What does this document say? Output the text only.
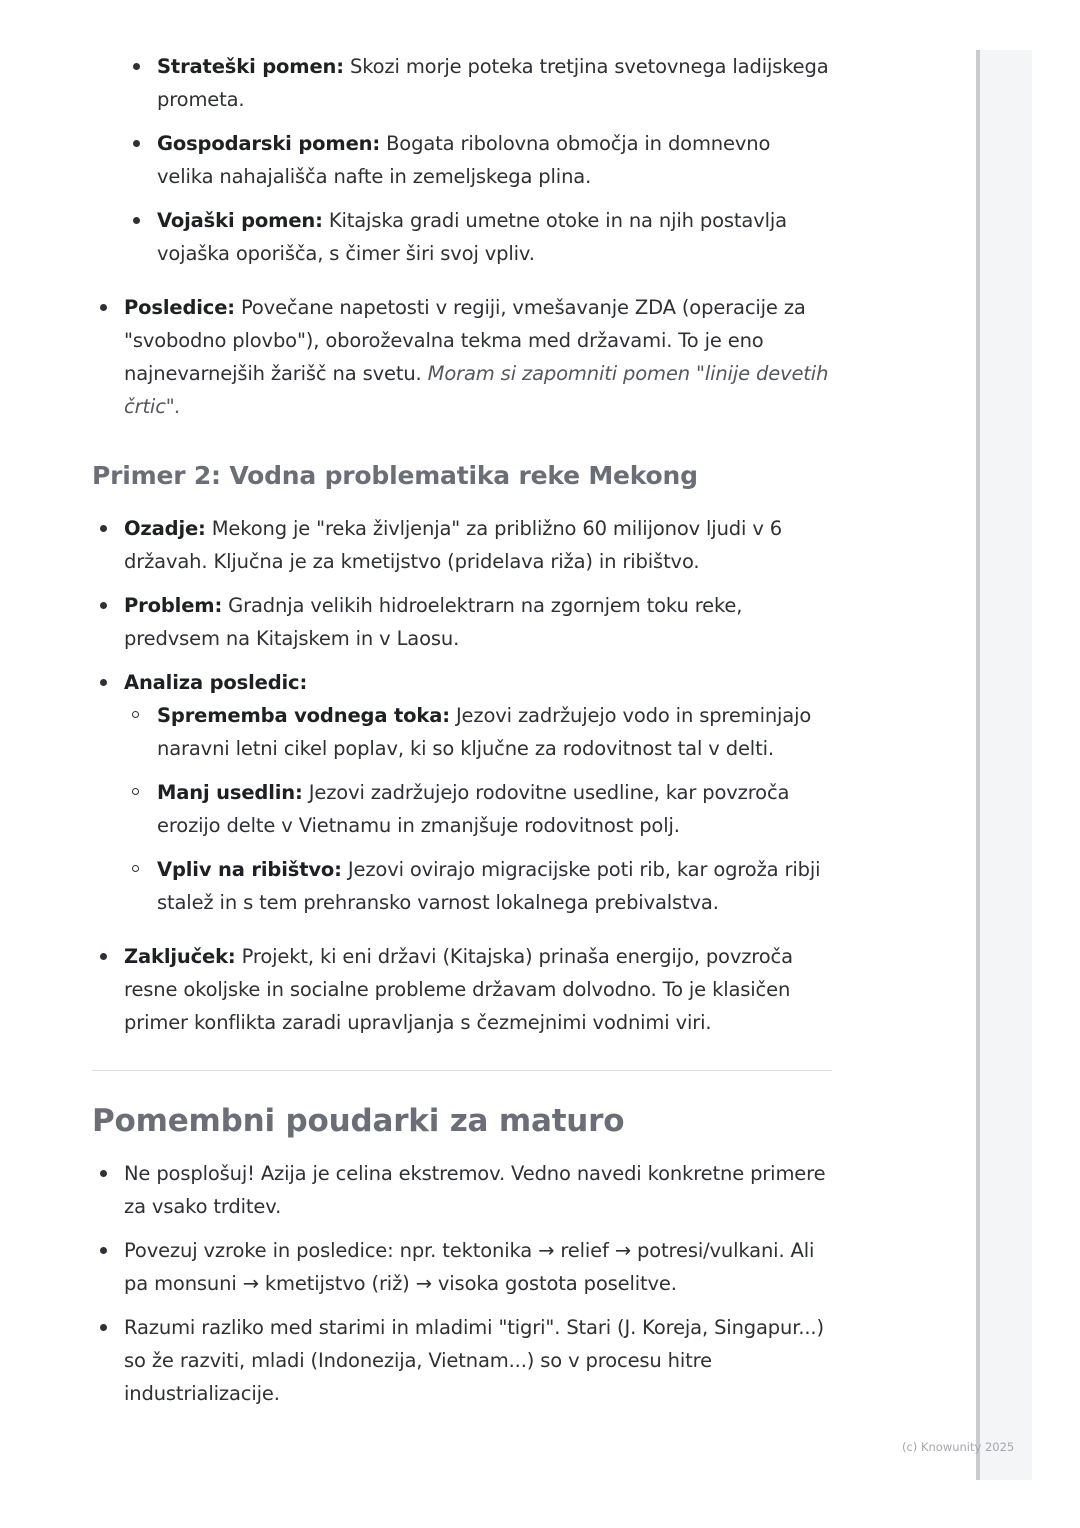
Strateški pomen: Skozi morje poteka tretjina svetovnega ladijskega prometa.
Gospodarski pomen: Bogata ribolovna območja in domnevno velika nahajališča nafte in zemeljskega plina.
Vojaški pomen: Kitajska gradi umetne otoke in na njih postavlja vojaška oporišča, s čimer širi svoj vpliv.
Posledice: Povečane napetosti v regiji, vmešavanje ZDA (operacije za "svobodno plovbo"), oboroževalna tekma med državami. To je eno najnevarnejših žarišč na svetu. Moram si zapomniti pomen "linije devetih črtic".
Primer 2: Vodna problematika reke Mekong
Ozadje: Mekong je "reka življenja" za približno 60 milijonov ljudi v 6 državah. Ključna je za kmetijstvo (pridelava riža) in ribištvo.
Problem: Gradnja velikih hidroelektrarn na zgornjem toku reke, predvsem na Kitajskem in v Laosu.
Analiza posledic:
Sprememba vodnega toka: Jezovi zadržujejo vodo in spreminjajo naravni letni cikel poplav, ki so ključne za rodovitnost tal v delti.
Manj usedlin: Jezovi zadržujejo rodovitne usedline, kar povzroča erozijo delte v Vietnamu in zmanjšuje rodovitnost polj.
Vpliv na ribištvo: Jezovi ovirajo migracijske poti rib, kar ogroža ribji stalež in s tem prehransko varnost lokalnega prebivalstva.
Zaključek: Projekt, ki eni državi (Kitajska) prinaša energijo, povzroča resne okoljske in socialne probleme državam dolvodno. To je klasičen primer konflikta zaradi upravljanja s čezmejnimi vodnimi viri.
Pomembni poudarki za maturo
Ne posplošuj! Azija je celina ekstremov. Vedno navedi konkretne primere za vsako trditev.
Povezuj vzroke in posledice: npr. tektonika → relief → potresi/vulkani. Ali pa monsuni → kmetijstvo (riž) → visoka gostota poselitve.
Razumi razliko med starimi in mladimi "tigri". Stari (J. Koreja, Singapur...) so že razviti, mladi (Indonezija, Vietnam...) so v procesu hitre industrializacije.
(c) Knowunity 2025
